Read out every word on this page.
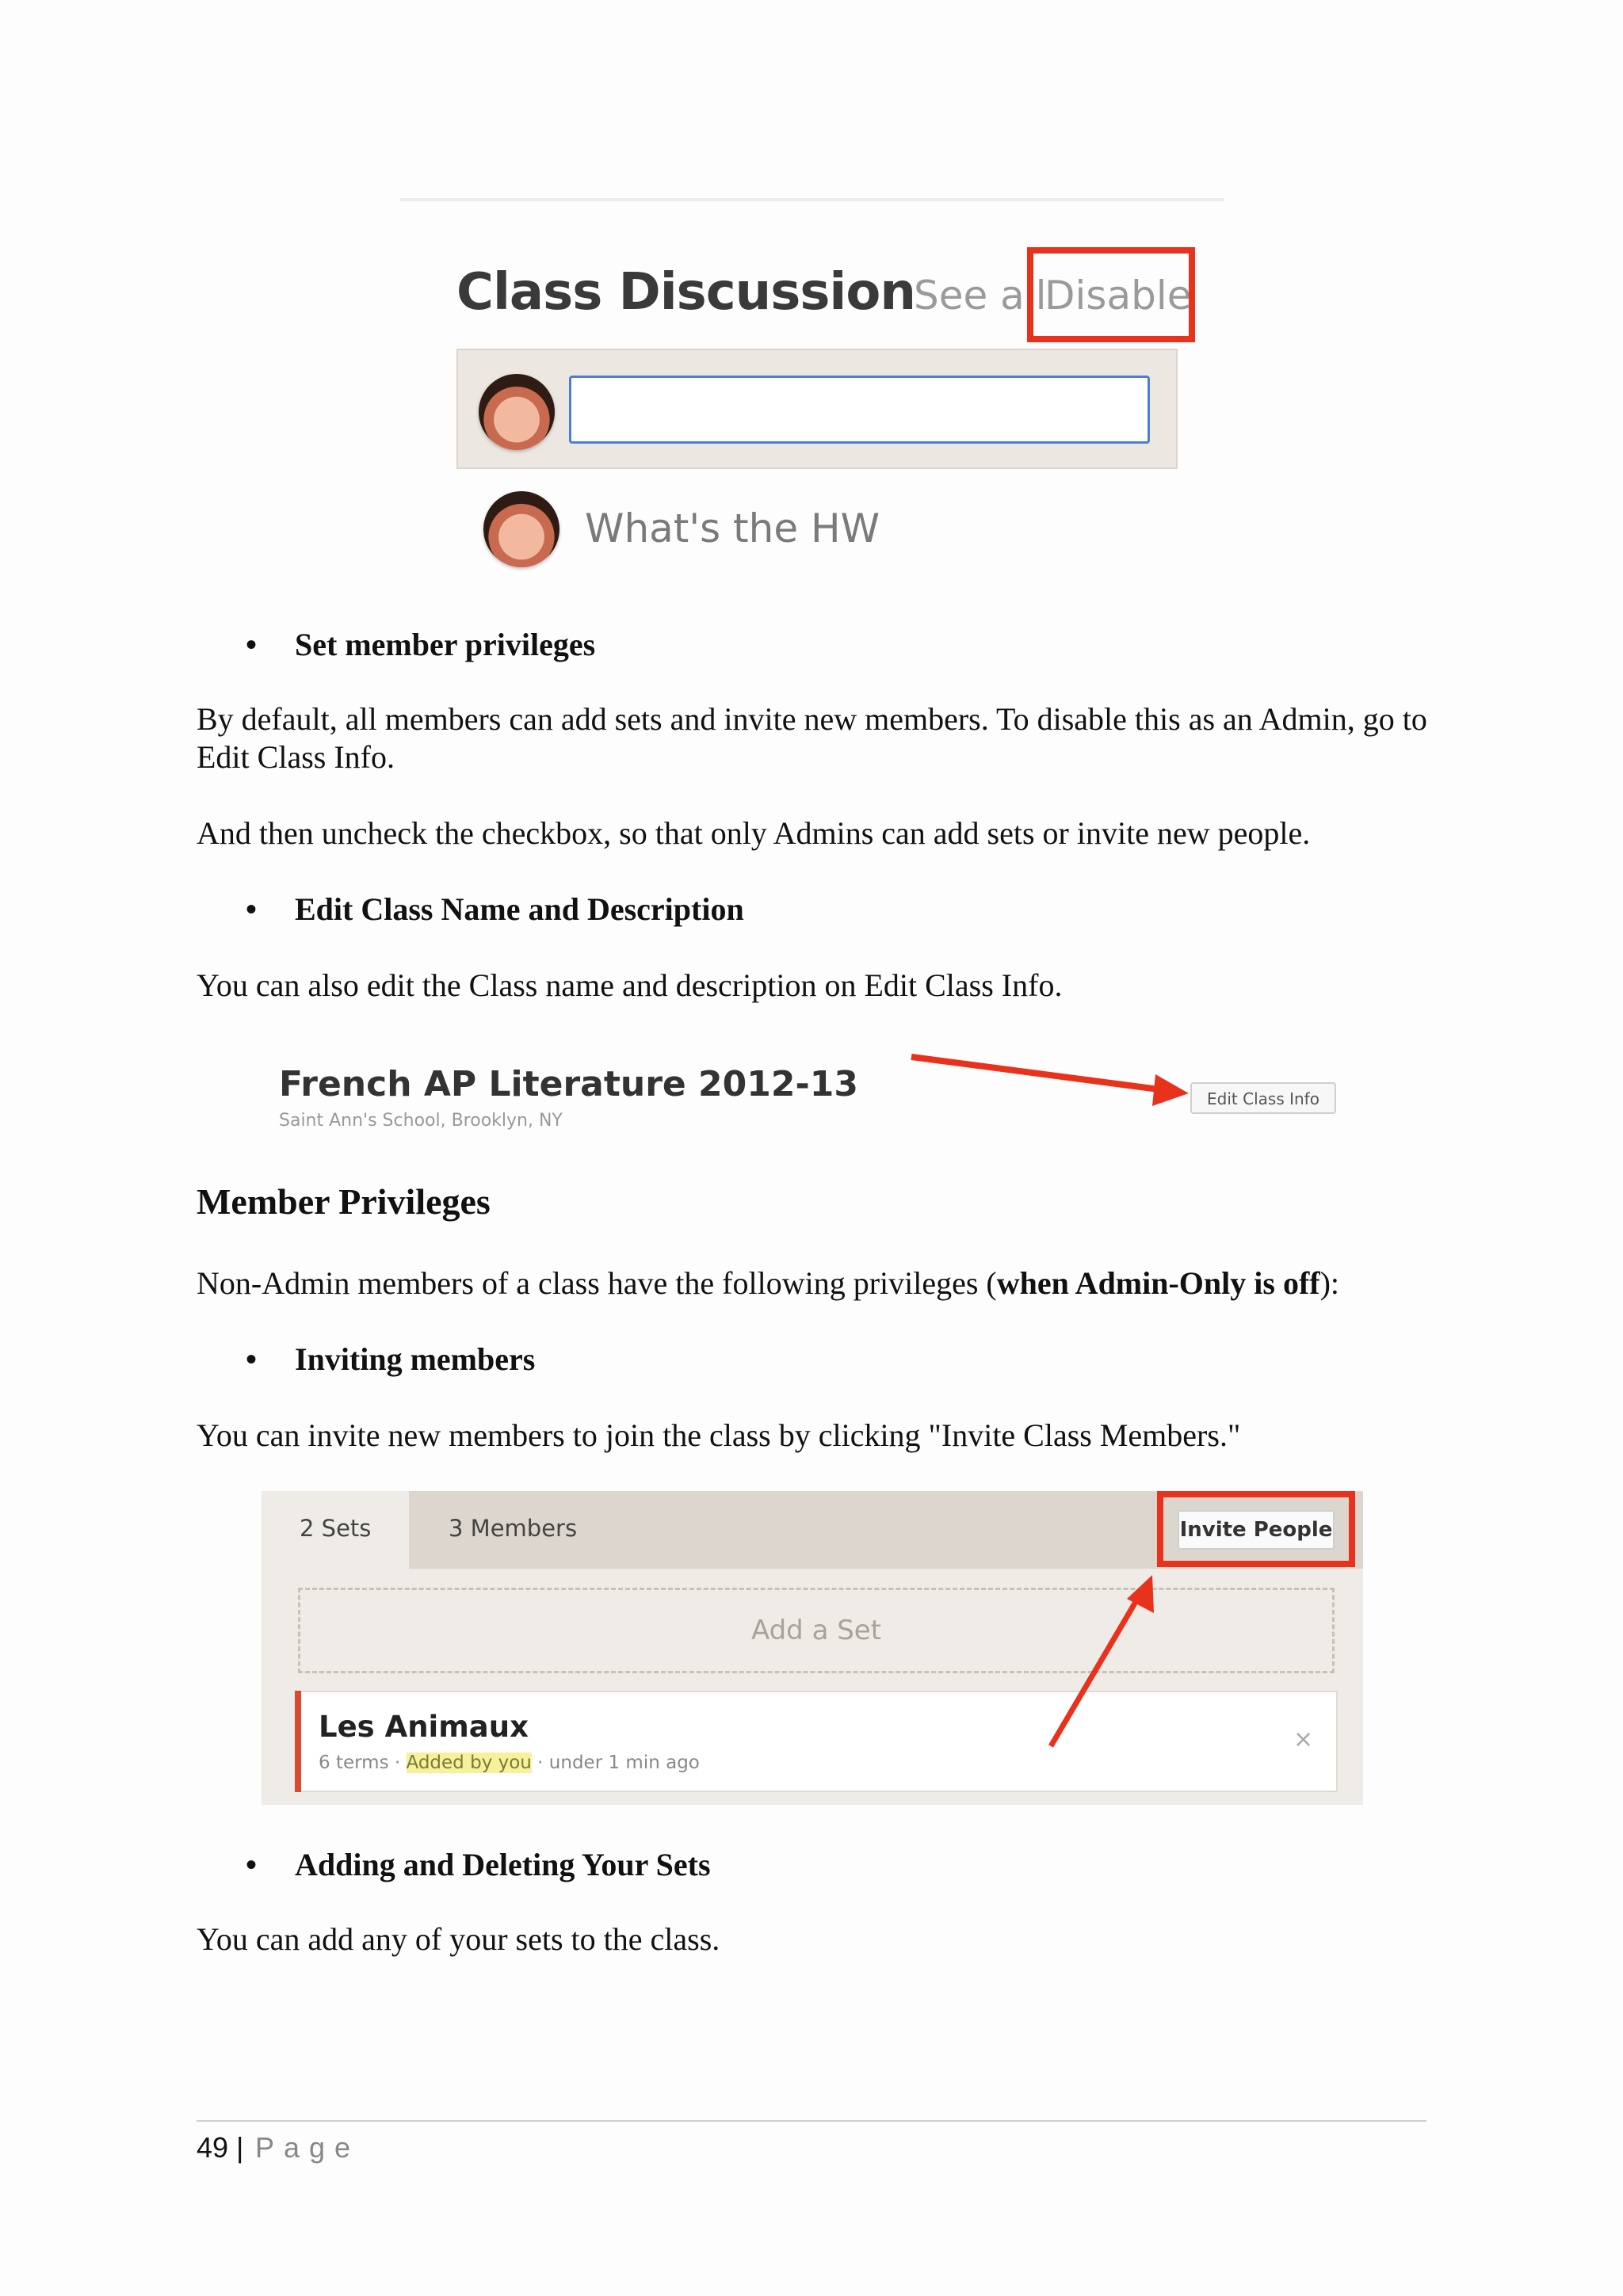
Class Discussion
See all
Disable
What's the HW
• Set member privileges
By default, all members can add sets and invite new members. To disable this as an Admin, go to Edit Class Info.
And then uncheck the checkbox, so that only Admins can add sets or invite new people.
• Edit Class Name and Description
You can also edit the Class name and description on Edit Class Info.
French AP Literature 2012-13
Saint Ann's School, Brooklyn, NY
Edit Class Info
Member Privileges
Non-Admin members of a class have the following privileges (when Admin-Only is off):
• Inviting members
You can invite new members to join the class by clicking "Invite Class Members."
2 Sets	3 Members	Invite People
Add a Set
Les Animaux
6 terms · Added by you · under 1 min ago
×
• Adding and Deleting Your Sets
You can add any of your sets to the class.
49 | Page
